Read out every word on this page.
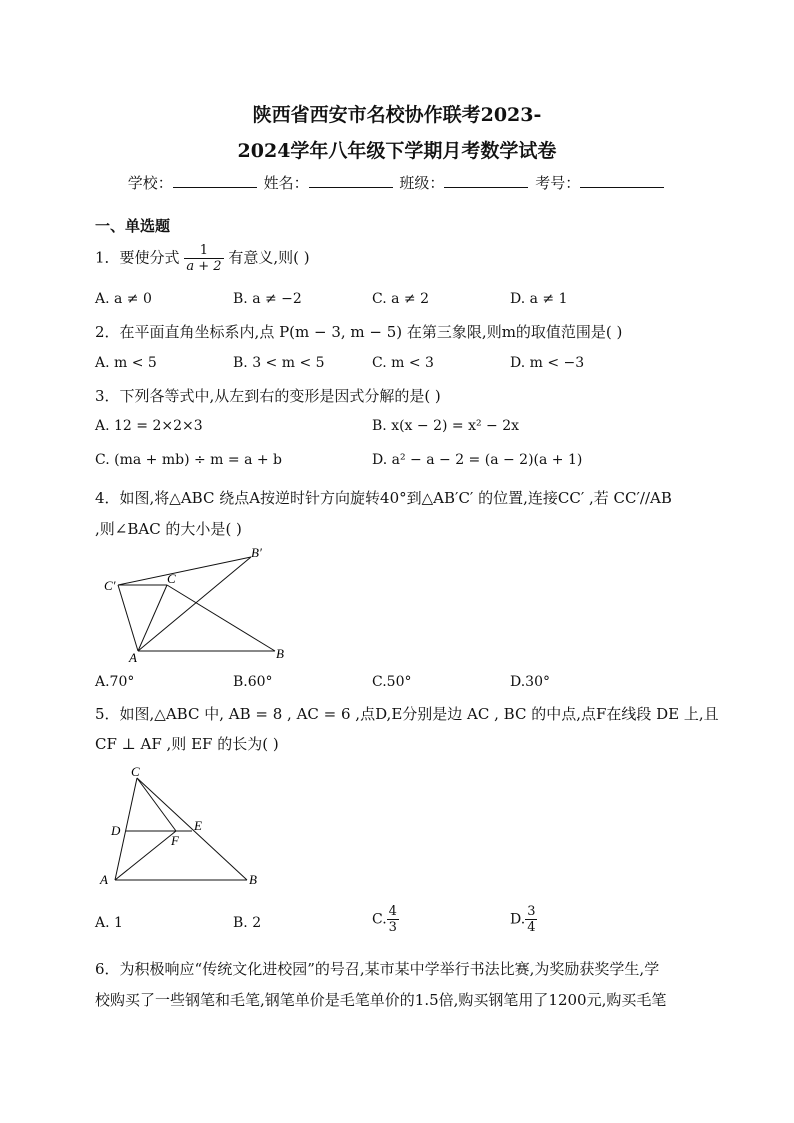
陕西省西安市名校协作联考2023-
2024学年八年级下学期月考数学试卷
学校：	姓名：	班级：	考号：
一、单选题
1．要使分式 $\frac{1}{a + 2}$ 有意义,则( )
A. a ≠ 0	B. a ≠ −2	C. a ≠ 2	D. a ≠ 1
2．在平面直角坐标系内,点 P(m − 3, m − 5) 在第三象限,则m的取值范围是( )
A. m < 5	B. 3 < m < 5	C. m < 3	D. m < −3
3．下列各等式中,从左到右的变形是因式分解的是( )
A. 12 = 2×2×3	B. x(x − 2) = x² − 2x
C. (ma + mb) ÷ m = a + b	D. a² − a − 2 = (a − 2)(a + 1)
4．如图,将△ABC 绕点A按逆时针方向旋转40°到△AB′C′ 的位置,连接CC′ ,若 CC′//AB
,则∠BAC 的大小是( )
B′
C′	C
A	B
A.70°	B.60°	C.50°	D.30°
5．如图,△ABC 中, AB = 8 , AC = 6 ,点D,E分别是边 AC , BC 的中点,点F在线段 DE 上,且
CF ⊥ AF ,则 EF 的长为( )
C
D	E
F
A	B
A. 1	B. 2	C. $\frac{4}{3}$	D. $\frac{3}{4}$
6．为积极响应“传统文化进校园”的号召,某市某中学举行书法比赛,为奖励获奖学生,学
校购买了一些钢笔和毛笔,钢笔单价是毛笔单价的1.5倍,购买钢笔用了1200元,购买毛笔
